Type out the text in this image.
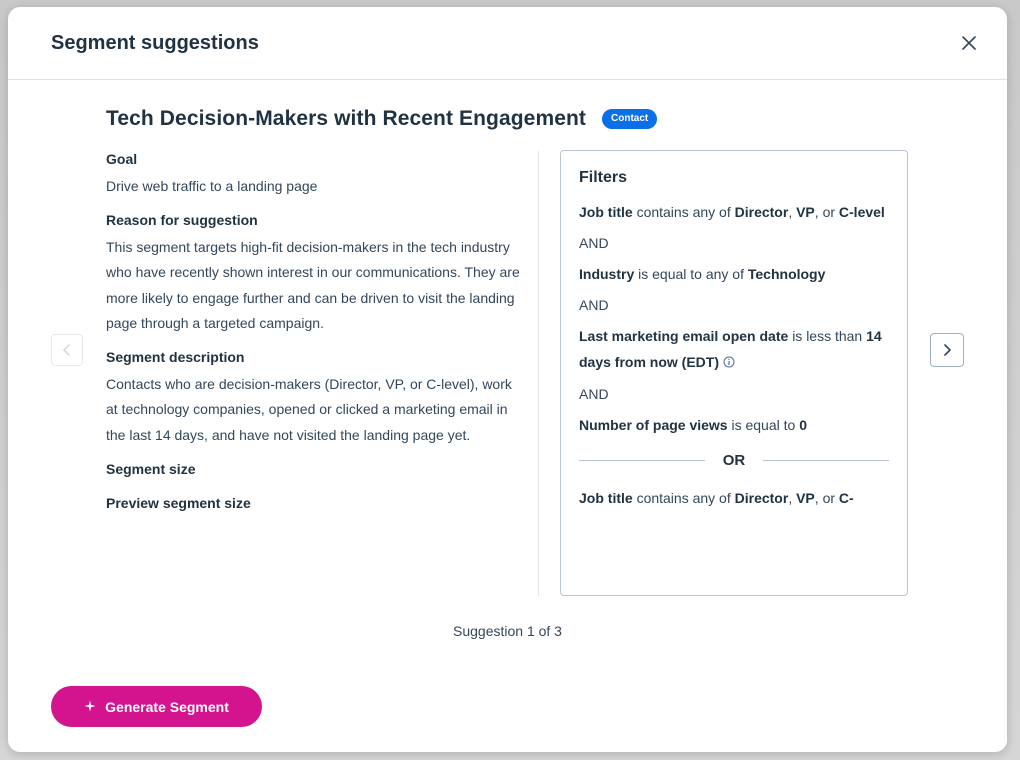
Segment suggestions
Tech Decision-Makers with Recent Engagement	Contact
Goal

Drive web traffic to a landing page

Reason for suggestion

This segment targets high-fit decision-makers in the tech industry who have recently shown interest in our communications. They are more likely to engage further and can be driven to visit the landing page through a targeted campaign.

Segment description

Contacts who are decision-makers (Director, VP, or C-level), work at technology companies, opened or clicked a marketing email in the last 14 days, and have not visited the landing page yet.

Segment size
Preview segment size
Filters
Job title contains any of Director, VP, or C-level
AND
Industry is equal to any of Technology
AND
Last marketing email open date is less than 14 days from now (EDT)
AND
Number of page views is equal to 0
OR
Job title contains any of Director, VP, or C-
Suggestion 1 of 3
Generate Segment
